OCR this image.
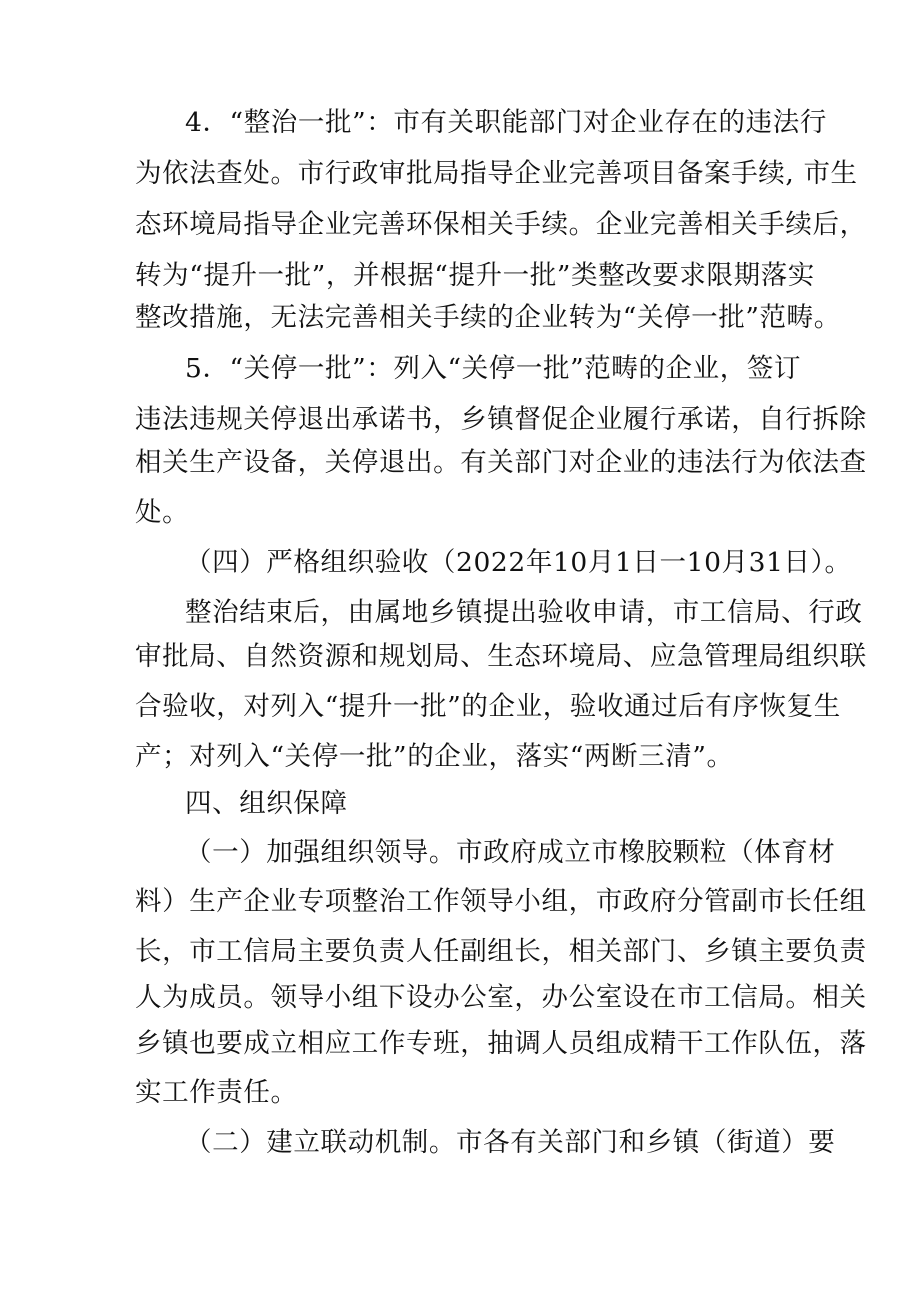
4．“整治一批”：市有关职能部门对企业存在的违法行
为依法查处。市行政审批局指导企业完善项目备案手续, 市生
态环境局指导企业完善环保相关手续。企业完善相关手续后，
转为“提升一批”，并根据“提升一批”类整改要求限期落实
整改措施，无法完善相关手续的企业转为“关停一批”范畴。
5．“关停一批”：列入“关停一批”范畴的企业，签订
违法违规关停退出承诺书，乡镇督促企业履行承诺，自行拆除
相关生产设备，关停退出。有关部门对企业的违法行为依法查
处。
（四）严格组织验收（2022年10月1日一10月31日）。
整治结束后，由属地乡镇提出验收申请，市工信局、行政
审批局、自然资源和规划局、生态环境局、应急管理局组织联
合验收，对列入“提升一批”的企业，验收通过后有序恢复生
产；对列入“关停一批”的企业，落实“两断三清”。
四、组织保障
（一）加强组织领导。市政府成立市橡胶颗粒（体育材
料）生产企业专项整治工作领导小组，市政府分管副市长任组
长，市工信局主要负责人任副组长，相关部门、乡镇主要负责
人为成员。领导小组下设办公室，办公室设在市工信局。相关
乡镇也要成立相应工作专班，抽调人员组成精干工作队伍，落
实工作责任。
（二）建立联动机制。市各有关部门和乡镇（街道）要
